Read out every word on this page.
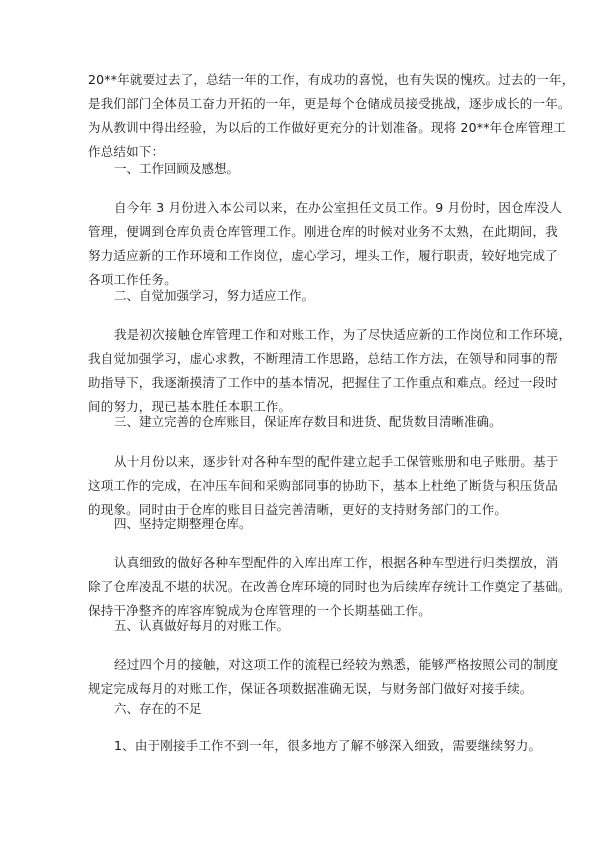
20**年就要过去了，总结一年的工作，有成功的喜悦，也有失误的愧疚。过去的一年，
是我们部门全体员工奋力开拓的一年，更是每个仓储成员接受挑战，逐步成长的一年。
为从教训中得出经验，为以后的工作做好更充分的计划准备。现将 20**年仓库管理工
作总结如下：
一、工作回顾及感想。
自今年 3 月份进入本公司以来，在办公室担任文员工作。9 月份时，因仓库没人
管理，便调到仓库负责仓库管理工作。刚进仓库的时候对业务不太熟，在此期间，我
努力适应新的工作环境和工作岗位，虚心学习，埋头工作，履行职责，较好地完成了
各项工作任务。
二、自觉加强学习，努力适应工作。
我是初次接触仓库管理工作和对账工作，为了尽快适应新的工作岗位和工作环境，
我自觉加强学习，虚心求教，不断理清工作思路，总结工作方法，在领导和同事的帮
助指导下，我逐渐摸清了工作中的基本情况，把握住了工作重点和难点。经过一段时
间的努力，现已基本胜任本职工作。
三、建立完善的仓库账目，保证库存数目和进货、配货数目清晰准确。
从十月份以来，逐步针对各种车型的配件建立起手工保管账册和电子账册。基于
这项工作的完成，在冲压车间和采购部同事的协助下，基本上杜绝了断货与积压货品
的现象。同时由于仓库的账目日益完善清晰，更好的支持财务部门的工作。
四、坚持定期整理仓库。
认真细致的做好各种车型配件的入库出库工作，根据各种车型进行归类摆放，消
除了仓库凌乱不堪的状况。在改善仓库环境的同时也为后续库存统计工作奠定了基础。
保持干净整齐的库容库貌成为仓库管理的一个长期基础工作。
五、认真做好每月的对账工作。
经过四个月的接触，对这项工作的流程已经较为熟悉，能够严格按照公司的制度
规定完成每月的对账工作，保证各项数据准确无误，与财务部门做好对接手续。
六、存在的不足
1、由于刚接手工作不到一年，很多地方了解不够深入细致，需要继续努力。
